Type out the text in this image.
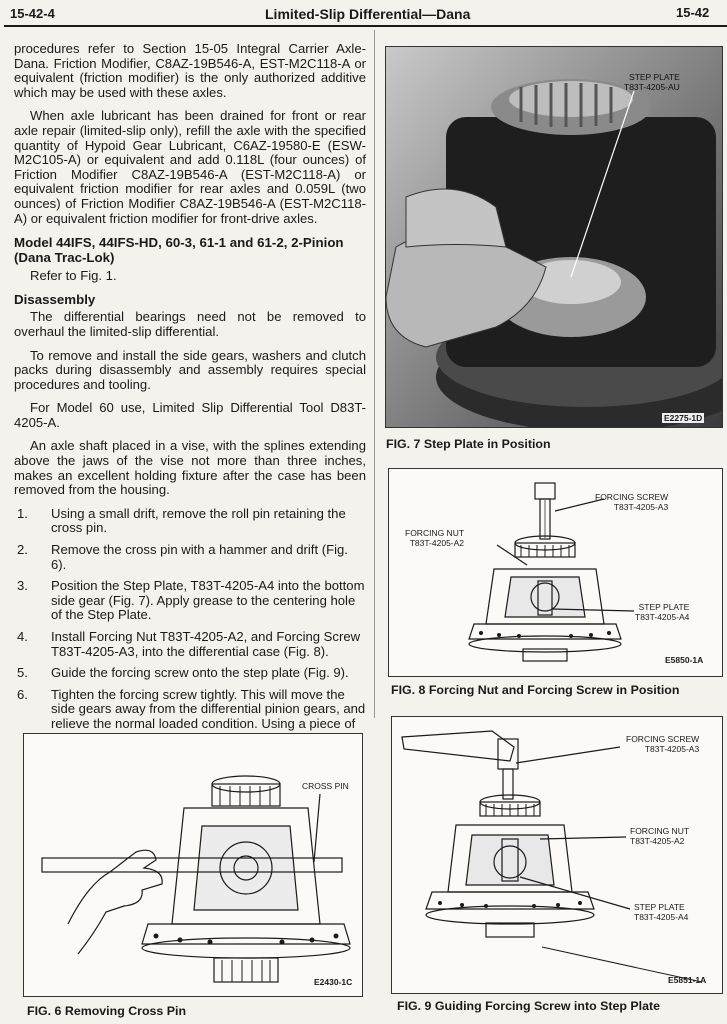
15-42-4	Limited-Slip Differential—Dana	15-42

procedures refer to Section 15-05 Integral Carrier Axle-Dana. Friction Modifier, C8AZ-19B546-A, EST-M2C118-A or equivalent (friction modifier) is the only authorized additive which may be used with these axles.

When axle lubricant has been drained for front or rear axle repair (limited-slip only), refill the axle with the specified quantity of Hypoid Gear Lubricant, C6AZ-19580-E (ESW-M2C105-A) or equivalent and add 0.118L (four ounces) of Friction Modifier C8AZ-19B546-A (EST-M2C118-A) or equivalent friction modifier for rear axles and 0.059L (two ounces) of Friction Modifier C8AZ-19B546-A (EST-M2C118-A) or equivalent friction modifier for front-drive axles.

Model 44IFS, 44IFS-HD, 60-3, 61-1 and 61-2, 2-Pinion (Dana Trac-Lok)

Refer to Fig. 1.

Disassembly

The differential bearings need not be removed to overhaul the limited-slip differential.

To remove and install the side gears, washers and clutch packs during disassembly and assembly requires special procedures and tooling.

For Model 60 use, Limited Slip Differential Tool D83T-4205-A.

An axle shaft placed in a vise, with the splines extending above the jaws of the vise not more than three inches, makes an excellent holding fixture after the case has been removed from the housing.

1.	Using a small drift, remove the roll pin retaining the cross pin.
2.	Remove the cross pin with a hammer and drift (Fig. 6).
3.	Position the Step Plate, T83T-4205-A4 into the bottom side gear (Fig. 7). Apply grease to the centering hole of the Step Plate.
4.	Install Forcing Nut T83T-4205-A2, and Forcing Screw T83T-4205-A3, into the differential case (Fig. 8).
5.	Guide the forcing screw onto the step plate (Fig. 9).
6.	Tighten the forcing screw tightly. This will move the side gears away from the differential pinion gears, and relieve the normal loaded condition. Using a piece of
STEP PLATE
T83T-4205-AU
E2275-1D
FIG. 7 Step Plate in Position
FORCING SCREW
T83T-4205-A3
FORCING NUT
T83T-4205-A2
STEP PLATE
T83T-4205-A4
E5850-1A
FIG. 8 Forcing Nut and Forcing Screw in Position
FORCING SCREW
T83T-4205-A3
FORCING NUT
T83T-4205-A2
STEP PLATE
T83T-4205-A4
E5851-1A
FIG. 9 Guiding Forcing Screw into Step Plate
CROSS PIN
E2430-1C
FIG. 6 Removing Cross Pin
